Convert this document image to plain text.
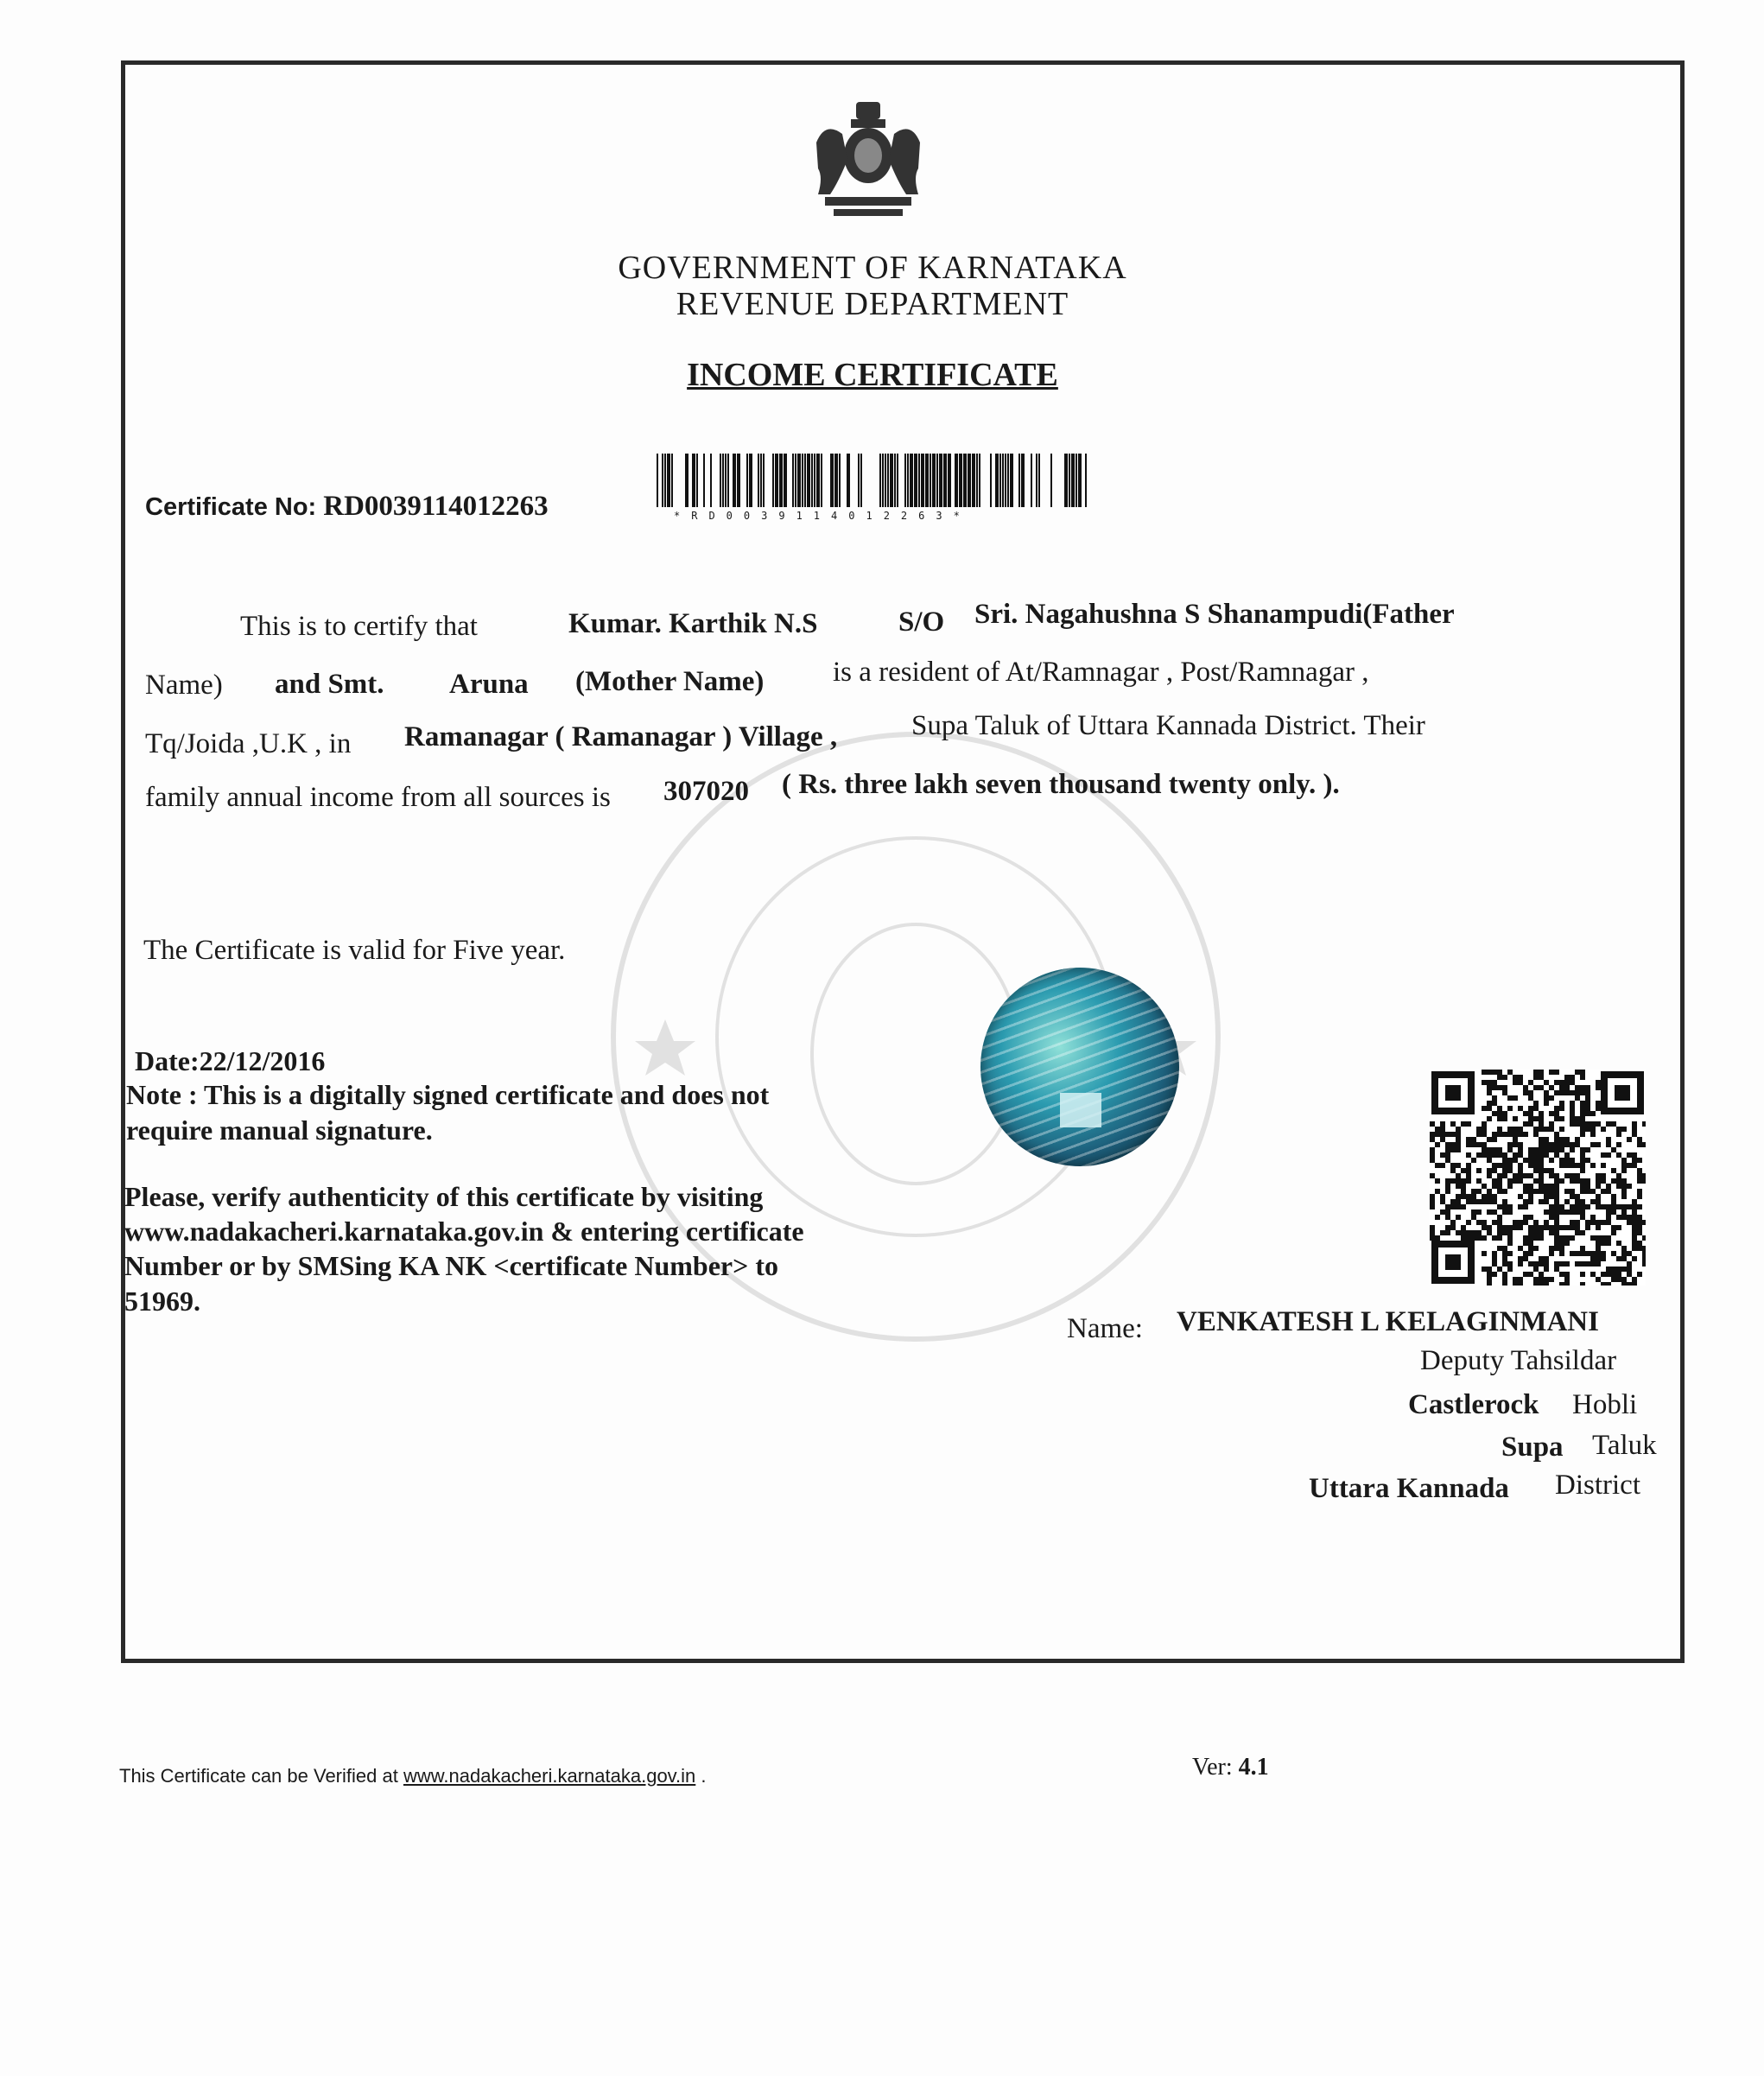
GOVERNMENT OF KARNATAKA
REVENUE DEPARTMENT
INCOME CERTIFICATE
Certificate No: RD0039114012263	*RD0039114012263*
This is to certify that	Kumar. Karthik N.S	S/O Sri. Nagahushna S Shanampudi(Father
Name) and Smt. Aruna (Mother Name) is a resident of At/Ramnagar , Post/Ramnagar ,
Tq/Joida ,U.K , in Ramanagar ( Ramanagar ) Village ,	Supa Taluk of Uttara Kannada District. Their
family annual income from all sources is 307020 ( Rs. three lakh seven thousand twenty only. ).
The Certificate is valid for Five year.
Date:22/12/2016
Note : This is a digitally signed certificate and does not
require manual signature.
Please, verify authenticity of this certificate by visiting
www.nadakacheri.karnataka.gov.in & entering certificate
Number or by SMSing KA NK <certificate Number> to
51969.
Name: VENKATESH L KELAGINMANI
Deputy Tahsildar
Castlerock Hobli
Supa Taluk
Uttara Kannada District
This Certificate can be Verified at www.nadakacheri.karnataka.gov.in .	Ver: 4.1
